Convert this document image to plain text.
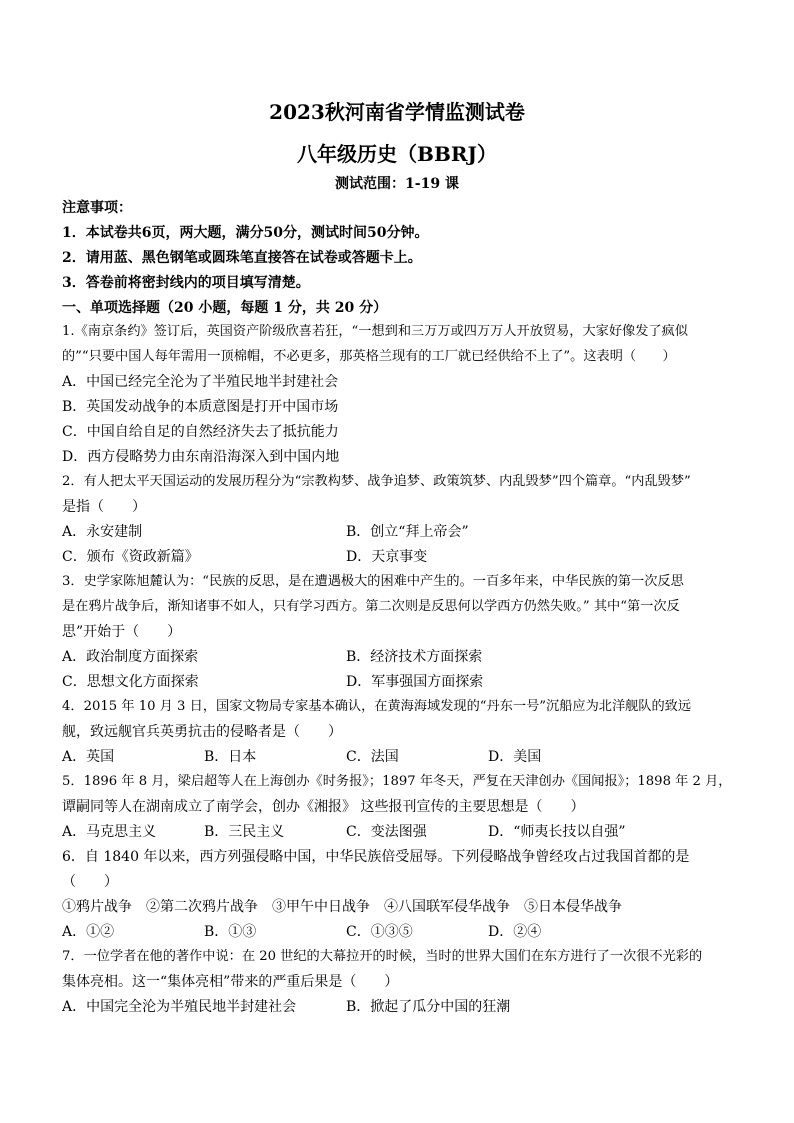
2023秋河南省学情监测试卷
八年级历史（BBRJ）
测试范围：1-19 课
注意事项：
1．本试卷共6页，两大题，满分50分，测试时间50分钟。
2．请用蓝、黑色钢笔或圆珠笔直接答在试卷或答题卡上。
3．答卷前将密封线内的项目填写清楚。
一、单项选择题（20 小题，每题 1 分，共 20 分）
1.《南京条约》签订后，英国资产阶级欣喜若狂，“一想到和三万万或四万万人开放贸易，大家好像发了疯似
的”“只要中国人每年需用一顶棉帽，不必更多，那英格兰现有的工厂就已经供给不上了”。这表明（　　）
A．中国已经完全沦为了半殖民地半封建社会
B．英国发动战争的本质意图是打开中国市场
C．中国自给自足的自然经济失去了抵抗能力
D．西方侵略势力由东南沿海深入到中国内地
2．有人把太平天国运动的发展历程分为“宗教构梦、战争追梦、政策筑梦、内乱毁梦”四个篇章。“内乱毁梦”
是指（　　）
A．永安建制	B．创立“拜上帝会”
C．颁布《资政新篇》	D．天京事变
3．史学家陈旭麓认为：“民族的反思，是在遭遇极大的困难中产生的。一百多年来，中华民族的第一次反思
是在鸦片战争后，渐知诸事不如人，只有学习西方。第二次则是反思何以学西方仍然失败。” 其中“第一次反
思”开始于（　　）
A．政治制度方面探索	B．经济技术方面探索
C．思想文化方面探索	D．军事强国方面探索
4．2015 年 10 月 3 日，国家文物局专家基本确认，在黄海海域发现的“丹东一号”沉船应为北洋舰队的致远
舰，致远舰官兵英勇抗击的侵略者是（　　）
A．英国	B．日本	C．法国	D．美国
5．1896 年 8 月，梁启超等人在上海创办《时务报》；1897 年冬天，严复在天津创办《国闻报》；1898 年 2 月，
谭嗣同等人在湖南成立了南学会，创办《湘报》 这些报刊宣传的主要思想是（　　）
A．马克思主义	B．三民主义	C．变法图强	D．“师夷长技以自强”
6．自 1840 年以来，西方列强侵略中国，中华民族倍受屈辱。下列侵略战争曾经攻占过我国首都的是
（　　）
①鸦片战争　②第二次鸦片战争　③甲午中日战争　④八国联军侵华战争　⑤日本侵华战争
A．①②	B．①③	C．①③⑤	D．②④
7．一位学者在他的著作中说：在 20 世纪的大幕拉开的时候，当时的世界大国们在东方进行了一次很不光彩的
集体亮相。这一“集体亮相”带来的严重后果是（　　）
A．中国完全沦为半殖民地半封建社会	B．掀起了瓜分中国的狂潮
